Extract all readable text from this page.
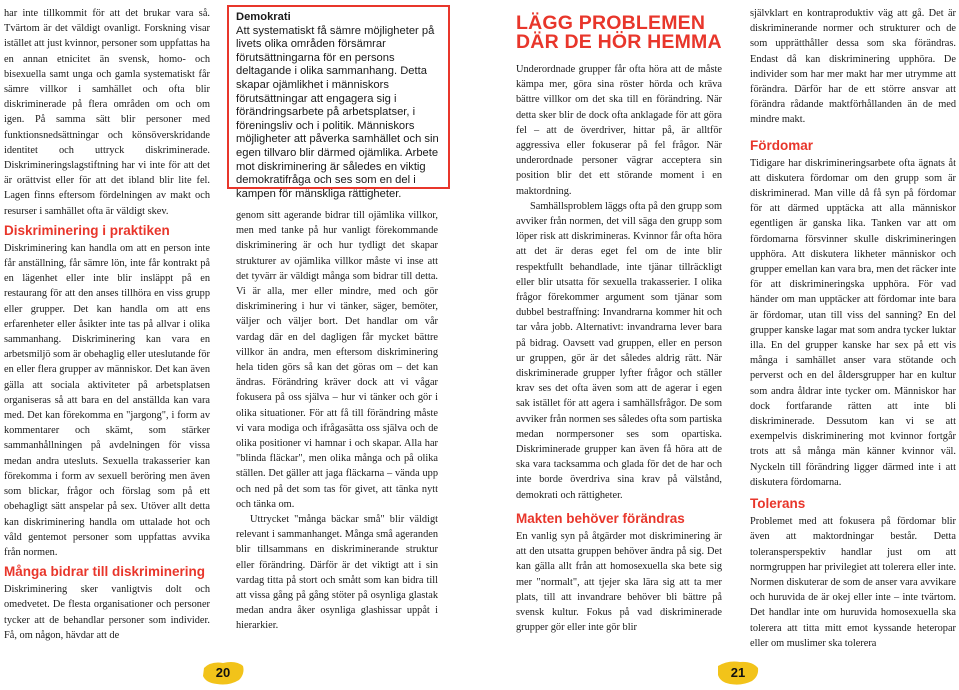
har inte tillkommit för att det brukar vara så. Tvärtom är det väldigt ovanligt. Forskning visar istället att just kvinnor, personer som uppfattas ha en annan etnicitet än svensk, homo- och bisexuella samt unga och gamla systematiskt får sämre villkor i samhället och ofta blir diskriminerade på flera områden om och om igen. På samma sätt blir personer med funktionsnedsättningar och könsöverskridande identitet och uttryck diskriminerade. Diskrimineringslagstiftning har vi inte för att det är orättvist eller för att det ibland blir lite fel. Lagen finns eftersom fördelningen av makt och resurser i samhället ofta är väldigt skev.

Diskriminering i praktiken

Diskriminering kan handla om att en person inte får anställning, får sämre lön, inte får kontrakt på en lägenhet eller inte blir insläppt på en restaurang för att den anses tillhöra en viss grupp eller grupper. Det kan handla om att ens erfarenheter eller åsikter inte tas på allvar i olika sammanhang. Diskriminering kan vara en arbetsmiljö som är obehaglig eller uteslutande för en eller flera grupper av människor. Det kan även gälla att sociala aktiviteter på arbetsplatsen organiseras så att bara en del anställda kan vara med. Det kan förekomma en "jargong", i form av kommentarer och skämt, som stärker sammanhållningen på avdelningen för vissa medan andra utesluts. Sexuella trakasserier kan förekomma i form av sexuell beröring men även som blickar, frågor och förslag som på ett obehagligt sätt anspelar på sex. Utöver allt detta kan diskriminering handla om uttalade hot och våld gentemot personer som uppfattas avvika från normen.

Många bidrar till diskriminering

Diskriminering sker vanligtvis dolt och omedvetet. De flesta organisationer och personer tycker att de behandlar personer som individer. Få, om någon, hävdar att de

Demokrati
Att systematiskt få sämre möjligheter på livets olika områden försämrar förutsättningarna för en persons deltagande i olika sammanhang. Detta skapar ojämlikhet i människors förutsättningar att engagera sig i förändringsarbete på arbetsplatser, i föreningsliv och i politik. Människors möjligheter att påverka samhället och sin egen tillvaro blir därmed ojämlika. Arbete mot diskriminering är således en viktig demokratifråga och ses som en del i kampen för mänskliga rättigheter.

genom sitt agerande bidrar till ojämlika villkor, men med tanke på hur vanligt förekommande diskriminering är och hur tydligt det skapar strukturer av ojämlika villkor måste vi inse att det tyvärr är väldigt många som bidrar till detta. Vi är alla, mer eller mindre, med och gör diskriminering i hur vi tänker, säger, bemöter, väljer och väljer bort. Det handlar om vår vardag där en del dagligen får mycket bättre villkor än andra, men eftersom diskriminering hela tiden görs så kan det göras om – det kan ändras. Förändring kräver dock att vi vågar fokusera på oss själva – hur vi tänker och gör i olika situationer. För att få till förändring måste vi vara modiga och ifrågasätta oss själva och de olika positioner vi hamnar i och skapar. Alla har "blinda fläckar", men olika många och på olika ställen. Det gäller att jaga fläckarna – vända upp och ned på det som tas för givet, att tänka nytt och tänka om.

Uttrycket "många bäckar små" blir väldigt relevant i sammanhanget. Många små ageranden blir tillsammans en diskriminerande struktur eller förändring. Därför är det viktigt att i sin vardag titta på stort och smått som kan bidra till att vissa gång på gång stöter på osynliga glastak medan andra åker osynliga glashissar uppåt i hierarkier.

LÄGG PROBLEMEN DÄR DE HÖR HEMMA

Underordnade grupper får ofta höra att de måste kämpa mer, göra sina röster hörda och kräva bättre villkor om det ska till en förändring. När detta sker blir de dock ofta anklagade för att göra fel – att de överdriver, hittar på, är alltför aggressiva eller fokuserar på fel frågor. När underordnade personer vägrar acceptera sin position blir det ett störande moment i en maktordning.

Samhällsproblem läggs ofta på den grupp som avviker från normen, det vill säga den grupp som löper risk att diskrimineras. Kvinnor får ofta höra att det är deras eget fel om de inte blir respektfullt behandlade, inte tjänar tillräckligt eller blir utsatta för sexuella trakasserier. I olika frågor förekommer argument som tjänar som dubbel bestraffning: Invandrarna kommer hit och tar våra jobb. Alternativt: invandrarna lever bara på bidrag. Oavsett vad gruppen, eller en person ur gruppen, gör är det således aldrig rätt. När diskriminerade grupper lyfter frågor och ställer krav ses det ofta även som att de agerar i egen sak istället för att agera i samhällsfrågor. De som avviker från normen ses således ofta som partiska medan normpersoner ses som opartiska. Diskriminerade grupper kan även få höra att de ska vara tacksamma och glada för det de har och inte borde överdriva sina krav på välstånd, demokrati och rättigheter.

Makten behöver förändras

En vanlig syn på åtgärder mot diskriminering är att den utsatta gruppen behöver ändra på sig. Det kan gälla allt från att homosexuella ska bete sig mer "normalt", att tjejer ska lära sig att ta mer plats, till att invandrare behöver bli bättre på svensk kultur. Fokus på vad diskriminerade grupper gör eller inte gör blir

självklart en kontraproduktiv väg att gå. Det är diskriminerande normer och strukturer och de som upprätthåller dessa som ska förändras. Endast då kan diskriminering upphöra. De individer som har mer makt har mer utrymme att förändra. Därför har de ett större ansvar att förändra rådande maktförhållanden än de med mindre makt.

Fördomar

Tidigare har diskrimineringsarbete ofta ägnats åt att diskutera fördomar om den grupp som är diskriminerad. Man ville då få syn på fördomar för att därmed upptäcka att alla människor egentligen är ganska lika. Tanken var att om fördomarna försvinner skulle diskrimineringen upphöra. Att diskutera likheter människor och grupper emellan kan vara bra, men det räcker inte för att diskrimineringska upphöra. För vad händer om man upptäcker att fördomar inte bara är fördomar, utan till viss del sanning? En del grupper kanske lagar mat som andra tycker luktar illa. En del grupper kanske har sex på ett vis många i samhället anser vara stötande och perverst och en del åldersgrupper har en kultur som andra åldrar inte tycker om. Människor har dock fortfarande rätten att inte bli diskriminerade. Dessutom kan vi se att exempelvis diskriminering mot kvinnor fortgår trots att så många män känner kvinnor väl. Nyckeln till förändring ligger därmed inte i att diskutera fördomarna.

Tolerans

Problemet med att fokusera på fördomar blir även att maktordningar består. Detta toleransperspektiv handlar just om att normgruppen har privilegiet att tolerera eller inte. Normen diskuterar de som de anser vara avvikare och huruvida de är okej eller inte – inte tvärtom. Det handlar inte om huruvida homosexuella ska tolerera att titta mitt emot kyssande heteropar eller om muslimer ska tolerera

20	21
